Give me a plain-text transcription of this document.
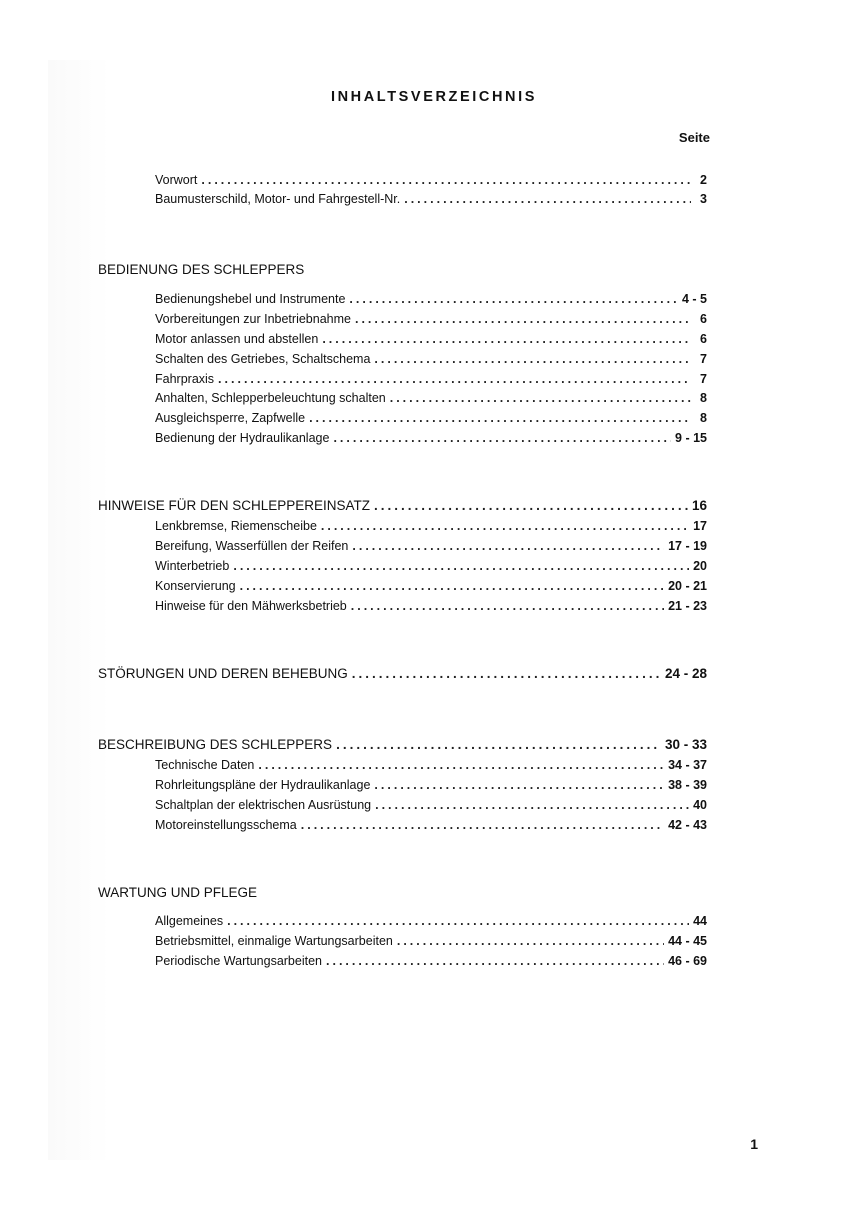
INHALTSVERZEICHNIS
Seite
Vorwort .....	2
Baumusterschild, Motor- und Fahrgestell-Nr. .....	3
BEDIENUNG DES SCHLEPPERS
Bedienungshebel und Instrumente .....	4 - 5
Vorbereitungen zur Inbetriebnahme .....	6
Motor anlassen und abstellen .....	6
Schalten des Getriebes, Schaltschema .....	7
Fahrpraxis .....	7
Anhalten, Schlepperbeleuchtung schalten .....	8
Ausgleichsperre, Zapfwelle .....	8
Bedienung der Hydraulikanlage .....	9 - 15
HINWEISE FÜR DEN SCHLEPPEREINSATZ .....	16
Lenkbremse, Riemenscheibe .....	17
Bereifung, Wasserfüllen der Reifen .....	17 - 19
Winterbetrieb .....	20
Konservierung .....	20 - 21
Hinweise für den Mähwerksbetrieb .....	21 - 23
STÖRUNGEN UND DEREN BEHEBUNG .....	24 - 28
BESCHREIBUNG DES SCHLEPPERS .....	30 - 33
Technische Daten .....	34 - 37
Rohrleitungspläne der Hydraulikanlage .....	38 - 39
Schaltplan der elektrischen Ausrüstung .....	40
Motoreinstellungsschema .....	42 - 43
WARTUNG UND PFLEGE
Allgemeines .....	44
Betriebsmittel, einmalige Wartungsarbeiten .....	44 - 45
Periodische Wartungsarbeiten .....	46 - 69
1
